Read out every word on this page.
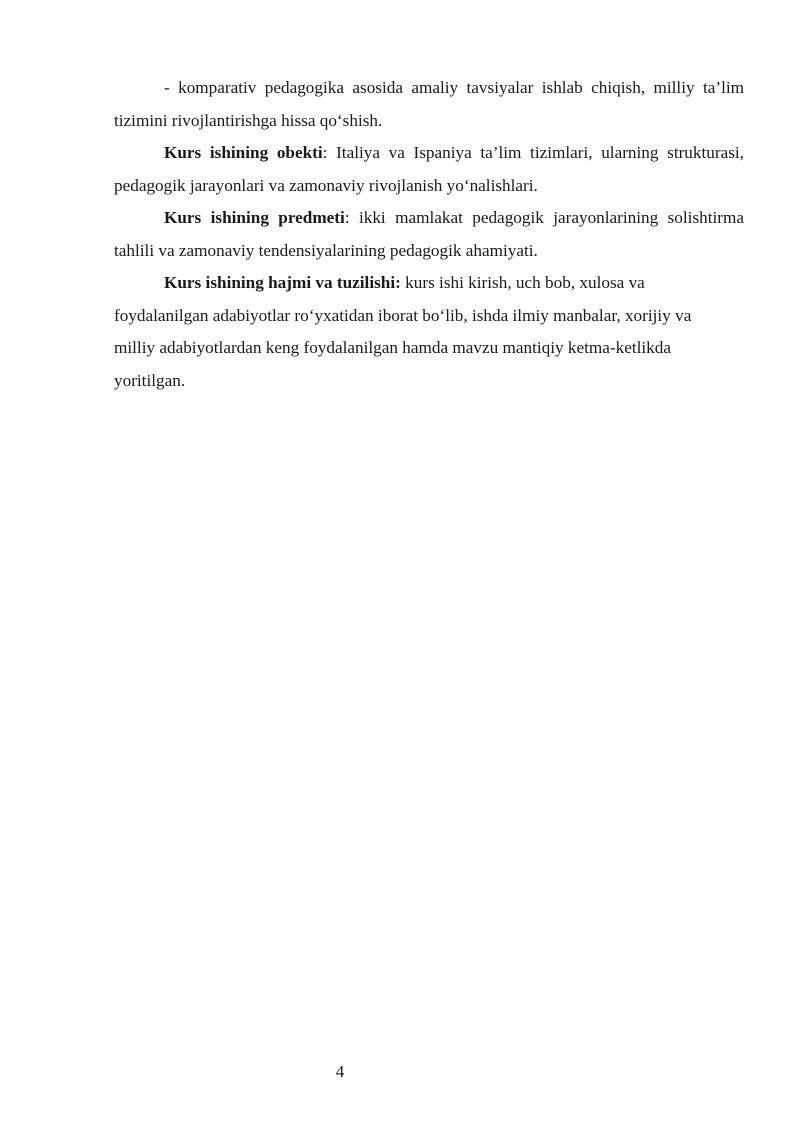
- komparativ pedagogika asosida amaliy tavsiyalar ishlab chiqish, milliy ta’lim tizimini rivojlantirishga hissa qo‘shish.

Kurs ishining obekti: Italiya va Ispaniya ta’lim tizimlari, ularning strukturasi, pedagogik jarayonlari va zamonaviy rivojlanish yo‘nalishlari.

Kurs ishining predmeti: ikki mamlakat pedagogik jarayonlarining solishtirma tahlili va zamonaviy tendensiyalarining pedagogik ahamiyati.

Kurs ishining hajmi va tuzilishi: kurs ishi kirish, uch bob, xulosa va foydalanilgan adabiyotlar ro‘yxatidan iborat bo‘lib, ishda ilmiy manbalar, xorijiy va milliy adabiyotlardan keng foydalanilgan hamda mavzu mantiqiy ketma-ketlikda yoritilgan.

4
